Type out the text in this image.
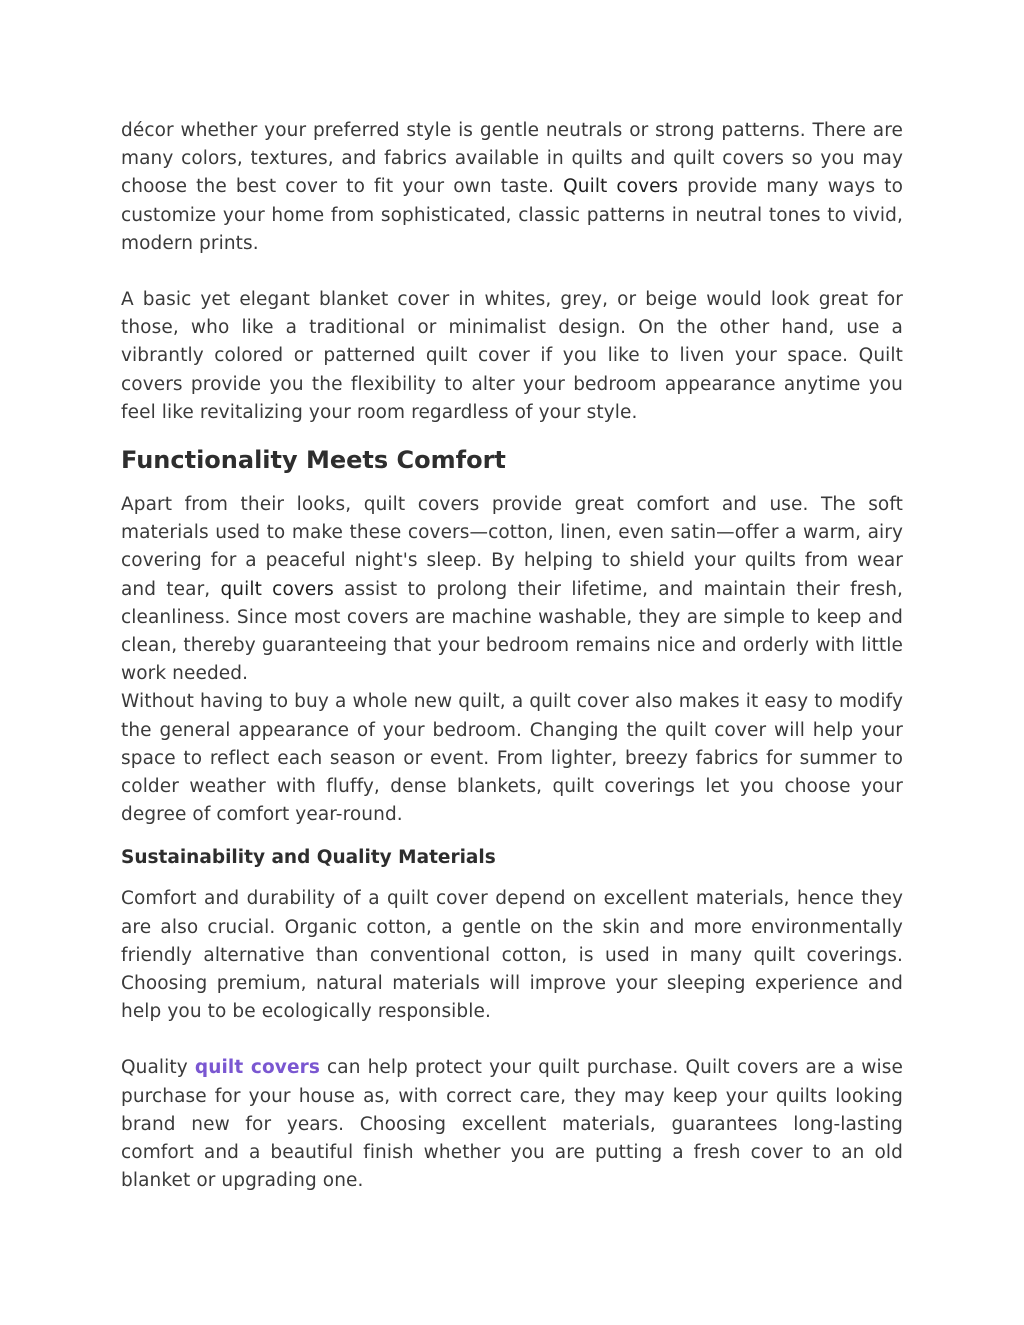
décor whether your preferred style is gentle neutrals or strong patterns. There are many colors, textures, and fabrics available in quilts and quilt covers so you may choose the best cover to fit your own taste. Quilt covers provide many ways to customize your home from sophisticated, classic patterns in neutral tones to vivid, modern prints.

A basic yet elegant blanket cover in whites, grey, or beige would look great for those, who like a traditional or minimalist design. On the other hand, use a vibrantly colored or patterned quilt cover if you like to liven your space. Quilt covers provide you the flexibility to alter your bedroom appearance anytime you feel like revitalizing your room regardless of your style.

Functionality Meets Comfort

Apart from their looks, quilt covers provide great comfort and use. The soft materials used to make these covers—cotton, linen, even satin—offer a warm, airy covering for a peaceful night's sleep. By helping to shield your quilts from wear and tear, quilt covers assist to prolong their lifetime, and maintain their fresh, cleanliness. Since most covers are machine washable, they are simple to keep and clean, thereby guaranteeing that your bedroom remains nice and orderly with little work needed.

Without having to buy a whole new quilt, a quilt cover also makes it easy to modify the general appearance of your bedroom. Changing the quilt cover will help your space to reflect each season or event. From lighter, breezy fabrics for summer to colder weather with fluffy, dense blankets, quilt coverings let you choose your degree of comfort year-round.

Sustainability and Quality Materials

Comfort and durability of a quilt cover depend on excellent materials, hence they are also crucial. Organic cotton, a gentle on the skin and more environmentally friendly alternative than conventional cotton, is used in many quilt coverings. Choosing premium, natural materials will improve your sleeping experience and help you to be ecologically responsible.

Quality quilt covers can help protect your quilt purchase. Quilt covers are a wise purchase for your house as, with correct care, they may keep your quilts looking brand new for years. Choosing excellent materials, guarantees long-lasting comfort and a beautiful finish whether you are putting a fresh cover to an old blanket or upgrading one.
